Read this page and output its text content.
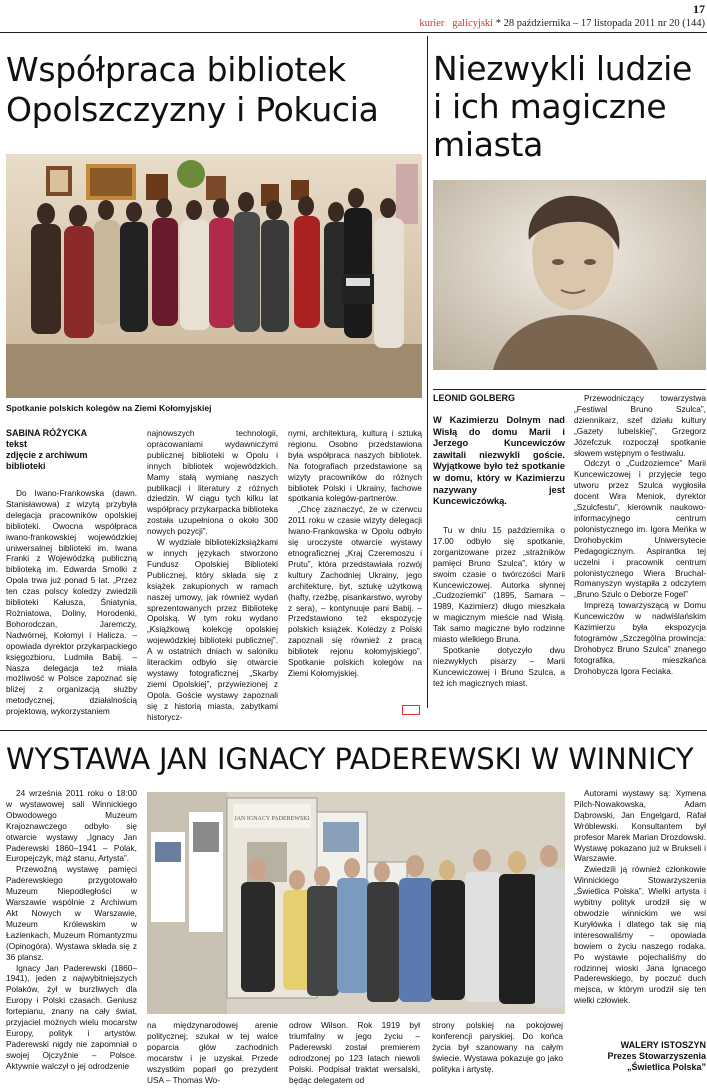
17
kurier galicyjski * 28 października – 17 listopada 2011 nr 20 (144)
Współpraca bibliotek Opolszczyzny i Pokucia
Spotkanie polskich kolegów na Ziemi Kołomyjskiej
SABINA RÓŻYCKA
tekst
zdjęcie z archiwum
biblioteki

Do Iwano-Frankowska (dawn. Stanisławowa) z wizytą przybyła delegacja pracowników opolskiej biblioteki. Owocna współpraca iwano-frankowskiej wojewódzkiej uniwersalnej biblioteki im. Iwana Franki z Wojewódzką publiczną biblioteką im. Edwarda Smolki z Opola trwa już ponad 5 lat. „Przez ten czas polscy koledzy zwiedzili biblioteki Kałusza, Śniatynia, Rożniatowa, Doliny, Horodenki, Bohorodczan, Jaremczy, Nadwórnej, Kołomyi i Halicza. – opowiada dyrektor przykarpackiego księgozbioru, Ludmiła Babij. – Nasza delegacja też miała możliwość w Polsce zapoznać się bliżej z organizacją służby metodycznej, działalnością projektową, wykorzystaniem

najnowszych technologii, opracowaniami wydawniczymi publicznej biblioteki w Opolu i innych bibliotek wojewódzkich. Mamy stałą wymianę naszych publikacji i literatury z różnych dziedzin. W ciągu tych kilku lat współpracy przykarpacka biblioteka została uzupełniona o około 300 nowych pozycji”.

W wydziale bibliotekizksiążkami w innych językach stworzono Fundusz Opolskiej Biblioteki Publicznej, który składa się z książek zakupionych w ramach naszej umowy, jak również wydań sprezentowanych przez Bibliotekę Opolską. W tym roku wydano „Książkową kolekcję opolskiej wojewódzkiej biblioteki publicznej”. A w ostatnich dniach w saloniku literackim odbyło się otwarcie wystawy fotograficznej „Skarby ziemi Opolskiej”, przywiezionej z Opola. Goście wystawy zapoznali się z historią miasta, zabytkami historycz-

nymi, architekturą, kulturą i sztuką regionu. Osobno przedstawiona była współpraca naszych bibliotek. Na fotografiach przedstawione są wizyty pracowników do różnych bibliotek Polski i Ukrainy, fachowe spotkania kolegów-partnerów.

„Chcę zaznaczyć, że w czerwcu 2011 roku w czasie wizyty delegacji Iwano-Frankowska w Opolu odbyło się uroczyste otwarcie wystawy etnograficznej „Kraj Czeremoszu i Prutu”, która przedstawiała rozwój kultury Zachodniej Ukrainy, jego architekturę, byt, sztukę użytkową (hafty, rzeźbę, pisankarstwo, wyroby z sera), – kontynuuje pani Babij. – Przedstawiono też ekspozycję polskich książek. Koledzy z Polski zapoznali się również z pracą bibliotek rejonu kołomyjskiego”. Spotkanie polskich kolegów na Ziemi Kołomyjskiej.

Niezwykli ludzie i ich magiczne miasta
LEONID GOLBERG
W Kazimierzu Dolnym nad Wisłą do domu Marii i Jerzego Kuncewiczów zawitali niezwykli goście. Wyjątkowe było też spotkanie w domu, który w Kazimierzu nazywany jest Kuncewiczówką.

Tu w dniu 15 października o 17.00 odbyło się spotkanie, zorganizowane przez „strażników pamięci Bruno Szulca”, który w swoim czasie o twórczości Marii Kuncewiczowej. Autorka słynnej „Cudzoziemki” (1895, Samara – 1989, Kazimierz) długo mieszkała w magicznym mieście nad Wisłą. Tak samo magiczne było rodzinne miasto wielkiego Bruna.

Spotkanie dotyczyło dwu niezwykłych pisarzy – Marii Kuncewiczowej i Bruno Szulca, a też ich magicznych miast.

Przewodniczący towarzystwa „Festiwal Bruno Szulca”, dziennikarz, szef działu kultury „Gazety lubelskiej”, Grzegorz Józefczuk rozpoczął spotkanie słowem wstępnym o festiwalu.

Odczyt o „Cudzoziemce” Marii Kuncewiczowej i przyjęcie tego utworu przez Szulca wygłosiła docent Wira Meniok, dyrektor „Szulcfestu”, kierownik naukowo-informacyjnego centrum polonistycznego im. Igora Meńka w Drohobyckim Uniwersytecie Pedagogicznym. Aspirantka tej uczelni i pracownik centrum polonistycznego Wiera Bruchal-Romanyszyn wystąpiła z odczytem „Bruno Szulc o Deborze Fogel”

Imprezą towarzyszącą w Domu Kuncewiczów w nadwiślańskim Kazimierzu była ekspozycja fotogramów „Szczególna prowincja: Drohobycz Bruno Szulca” znanego fotografika, mieszkańca Drohobycza Igora Feciaka.

WYSTAWA JAN IGNACY PADEREWSKI W WINNICY

24 września 2011 roku o 18:00 w wystawowej sali Winnickiego Obwodowego Muzeum Krajoznawczego odbyło się otwarcie wystawy „Ignacy Jan Paderewski 1860–1941 – Polak, Europejczyk, mąż stanu, Artysta”.

Przewoźną wystawę pamięci Paderewskiego przygotowało Muzeum Niepodległości w Warszawie wspólnie z Archiwum Akt Nowych w Warszawie, Muzeum Królewskim w Łazienkach, Muzeum Romantyzmu (Opinogóra). Wystawa składa się z 36 plansz.

Ignacy Jan Paderewski (1860–1941), jeden z najwybitniejszych Polaków, żył w burzliwych dla Europy i Polski czasach. Geniusz fortepianu, znany na cały świat, przyjaciel możnych wielu mocarstw Europy, polityk i artystów. Paderewski nigdy nie zapomniał o swojej Ojczyźnie – Polsce. Aktywnie walczył o jej odrodzenie

JAN IGNACY PADEREWSKI

na międzynarodowej arenie politycznej; szukał w tej walce poparcia głów zachodnich mocarstw i je uzyskał. Przede wszystkim poparł go prezydent USA – Thomas Wo-

odrow Wilson. Rok 1919 był triumfalny w jego życiu – Paderewski został premierem odrodzonej po 123 latach niewoli Polski. Podpisał traktat wersalski, będąc delegatem od

strony polskiej na pokojowej konferencji paryskiej. Do końca życia był szanowany na całym świecie. Wystawa pokazuje go jako polityka i artystę.

Autorami wystawy są: Xymena Pilch-Nowakowska, Adam Dąbrowski, Jan Engelgard, Rafał Wróblewski. Konsultantem był profesor Marek Marian Drozdowski. Wystawę pokazano już w Brukseli i Warszawie.

Zwiedzili ją również członkowie Winnickiego Stowarzyszenia „Świetlica Polska”. Wielki artysta i wybitny polityk urodził się w obwodzie winnickim we wsi Kuryłówka i dlatego tak się nią interesowaliśmy – opowiada bowiem o życiu naszego rodaka. Po wystawie pojechaliśmy do rodzinnej wioski Jana Ignacego Paderewskiego, by poczuć duch mejsca, w którym urodził się ten wielki człowiek.

WALERY ISTOSZYN
Prezes Stowarzyszenia
„Świetlica Polska”
